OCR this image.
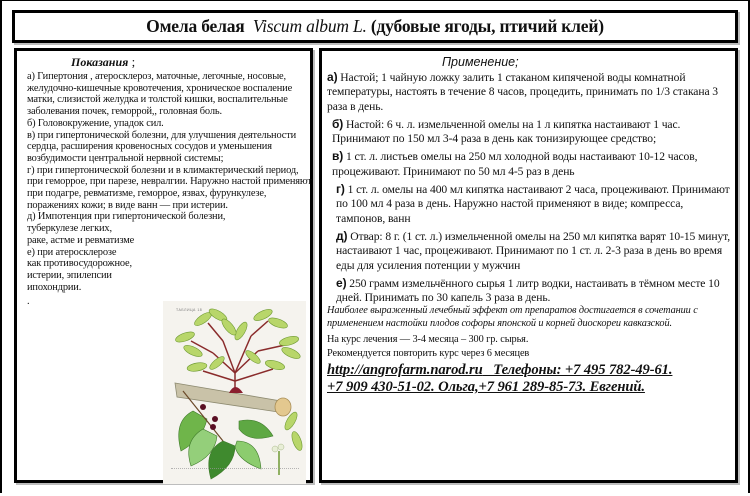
Омела белая Viscum album L. (дубовые ягоды, птичий клей)
Показания ;

а) Гипертония , атеросклероз, маточные, легочные, носовые, желудочно-кишечные кровотечения, хроническое воспаление матки, слизистой желудка и толстой кишки, воспалительные заболевания почек, геморрой,, головная боль.

б) Головокружение, упадок сил.

в) при гипертонической болезни, для улучшения деятельности сердца, расширения кровеносных сосудов и уменьшения возбудимости центральной нервной системы;

г) при гипертонической болезни и в климактерический период, при геморрое, при парезе, невралгии. Наружно настой применяют при подагре, ревматизме, геморрое, язвах, фурункулезе, поражениях кожи; в виде ванн — при истерии.

д) Импотенция при гипертонической болезни,

туберкулезе легких,

раке, астме и ревматизме

е) при атеросклерозе

как противосудорожное,

истерии, эпилепсии

ипохондрии.

.

ТАБЛИЦА 18
Применение;

а) Настой; 1 чайную ложку залить 1 стаканом кипяченой воды комнатной температуры, настоять в течение 8 часов, процедить, принимать по 1/3 стакана 3 раза в день.

б) Настой: 6 ч. л. измельченной омелы на 1 л кипятка настаивают 1 час. Принимают по 150 мл 3-4 раза в день как тонизирующее средство;

в) 1 ст. л. листьев омелы на 250 мл холодной воды настаивают 10-12 часов, процеживают. Принимают по 50 мл 4-5 раз в день

г) 1 ст. л. омелы на 400 мл кипятка настаивают 2 часа, процеживают. Принимают по 100 мл 4 раза в день. Наружно настой применяют в виде; компресса, тампонов, ванн

д) Отвар: 8 г. (1 ст. л.) измельченной омелы на 250 мл кипятка варят 10-15 минут, настаивают 1 час, процеживают. Принимают по 1 ст. л. 2-3 раза в день во время еды для усиления потенции у мужчин

е) 250 грамм измельчённого сырья 1 литр водки, настаивать в тёмном месте 10 дней. Принимать по 30 капель 3 раза в день.

Наиболее выраженный лечебный эффект от препаратов достигается в сочетании с применением настойки плодов софоры японской и корней диоскореи кавказской.

На курс лечения — 3-4 месяца – 300 гр. сырья.

Рекомендуется повторить курс через 6 месяцев

http://angrofarm.narod.ru   Телефоны: +7 495 782-49-61.

+7 909 430-51-02. Ольга,+7 961 289-85-73. Евгений.
